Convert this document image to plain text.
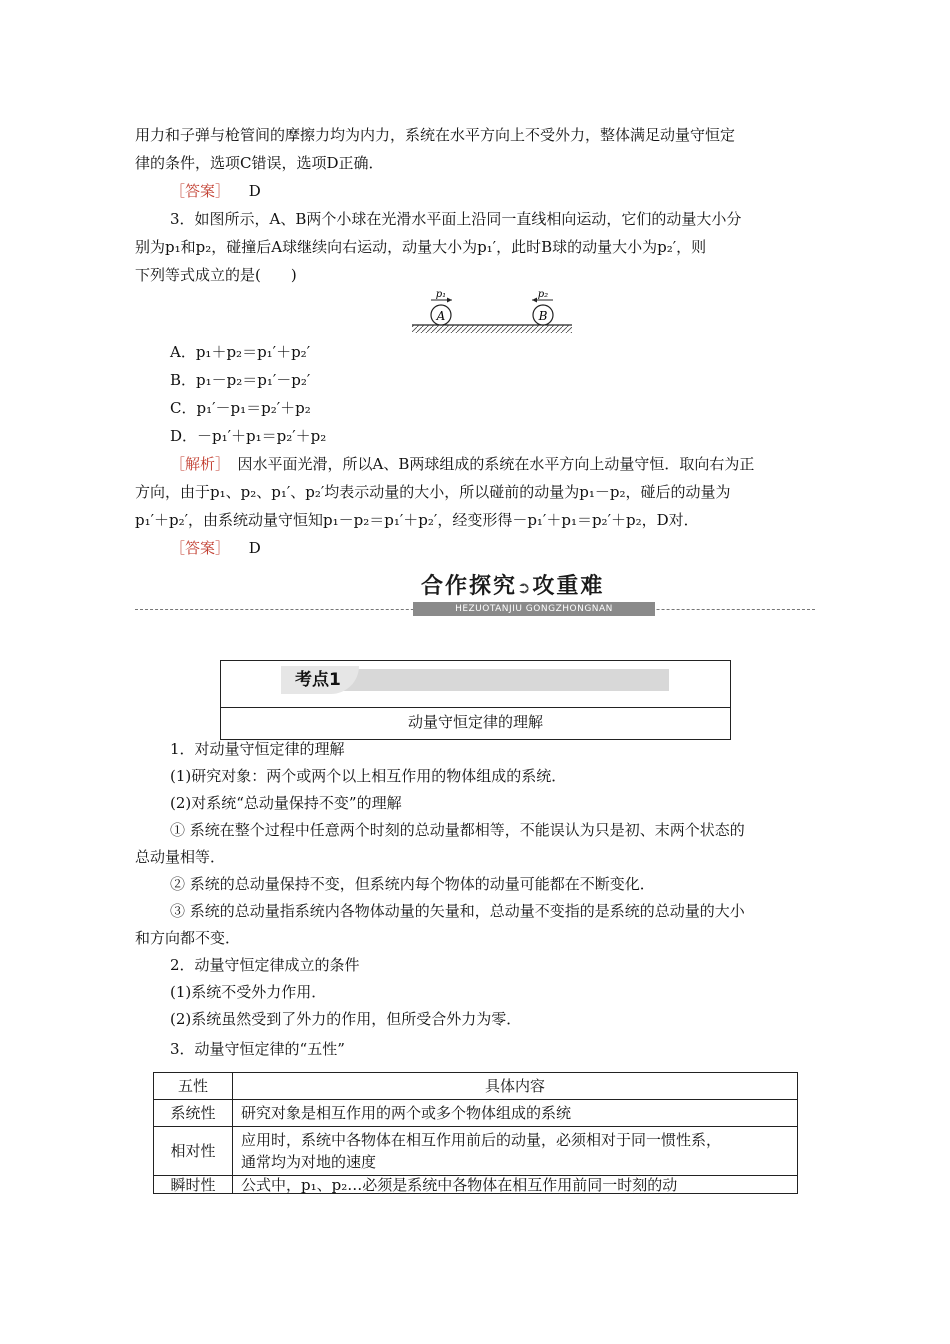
用力和子弹与枪管间的摩擦力均为内力，系统在水平方向上不受外力，整体满足动量守恒定
律的条件，选项C错误，选项D正确．
［答案］ D
3．如图所示，A、B两个小球在光滑水平面上沿同一直线相向运动，它们的动量大小分
别为p₁和p₂，碰撞后A球继续向右运动，动量大小为p₁′，此时B球的动量大小为p₂′，则
下列等式成立的是(　　)
A	B
p₁	p₂
A．p₁＋p₂＝p₁′＋p₂′
B．p₁－p₂＝p₁′－p₂′
C．p₁′－p₁＝p₂′＋p₂
D．－p₁′＋p₁＝p₂′＋p₂
［解析］　因水平面光滑，所以A、B两球组成的系统在水平方向上动量守恒．取向右为正
方向，由于p₁、p₂、p₁′、p₂′均表示动量的大小，所以碰前的动量为p₁－p₂，碰后的动量为
p₁′＋p₂′，由系统动量守恒知p₁－p₂＝p₁′＋p₂′，经变形得－p₁′＋p₁＝p₂′＋p₂，D对．
［答案］ D
合作探究➲攻重难
HEZUOTANJIU GONGZHONGNAN
考点1
动量守恒定律的理解
1．对动量守恒定律的理解
(1)研究对象：两个或两个以上相互作用的物体组成的系统．
(2)对系统“总动量保持不变”的理解
① 系统在整个过程中任意两个时刻的总动量都相等，不能误认为只是初、末两个状态的
总动量相等．
② 系统的总动量保持不变，但系统内每个物体的动量可能都在不断变化．
③ 系统的总动量指系统内各物体动量的矢量和，总动量不变指的是系统的总动量的大小
和方向都不变．
2．动量守恒定律成立的条件
(1)系统不受外力作用．
(2)系统虽然受到了外力的作用，但所受合外力为零．
3．动量守恒定律的“五性”
五性	具体内容
系统性	研究对象是相互作用的两个或多个物体组成的系统
相对性	应用时，系统中各物体在相互作用前后的动量，必须相对于同一惯性系，
通常均为对地的速度

瞬时性	公式中，p₁、p₂…必须是系统中各物体在相互作用前同一时刻的动
